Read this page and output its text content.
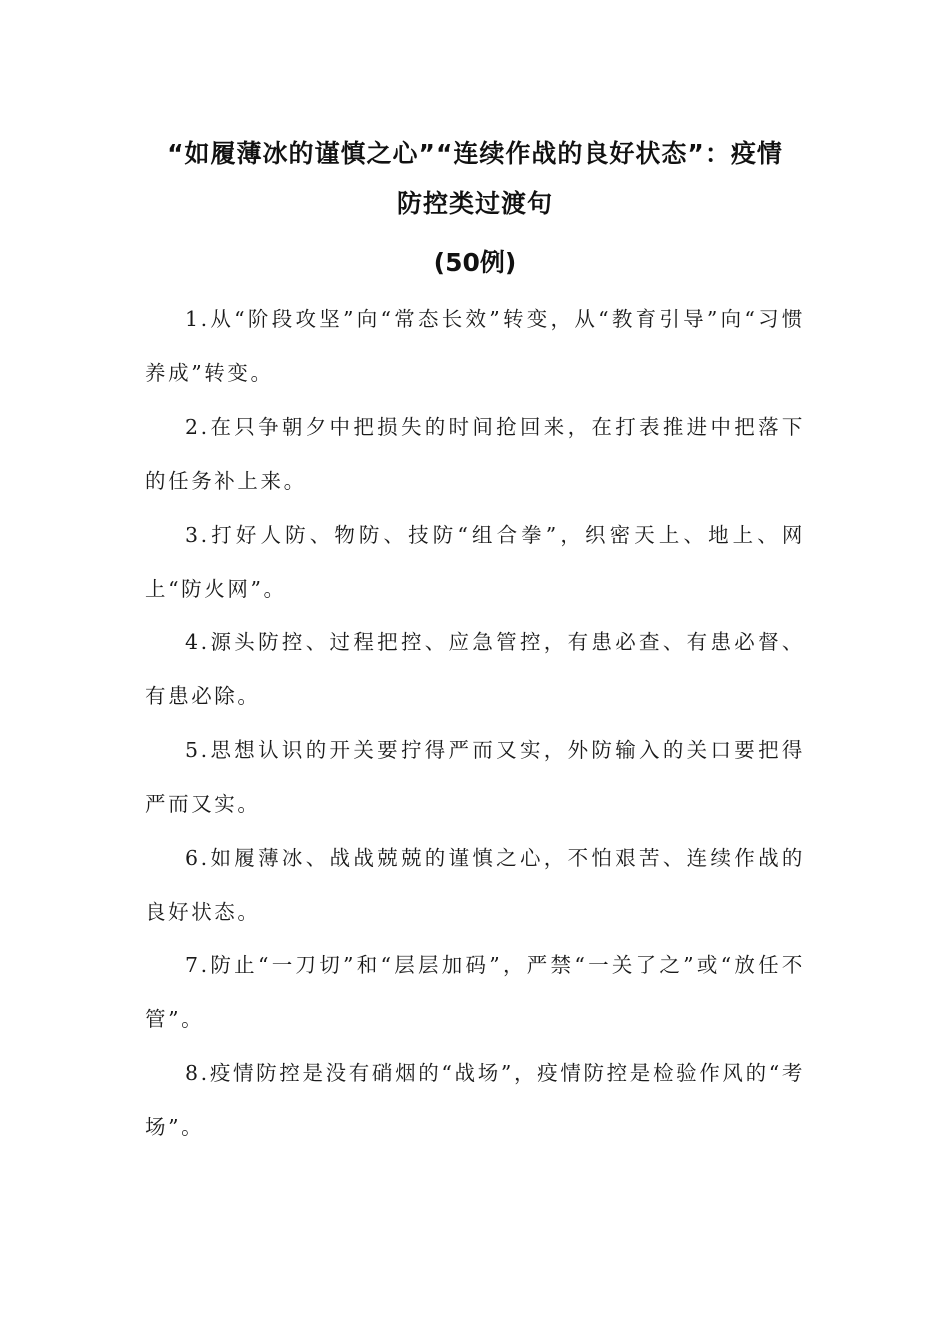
“如履薄冰的谨慎之心”“连续作战的良好状态”：疫情
防控类过渡句
(50例)
1.从“阶段攻坚”向“常态长效”转变，从“教育引导”向“习惯养成”转变。
2.在只争朝夕中把损失的时间抢回来，在打表推进中把落下的任务补上来。
3.打好人防、物防、技防“组合拳”，织密天上、地上、网上“防火网”。
4.源头防控、过程把控、应急管控，有患必查、有患必督、有患必除。
5.思想认识的开关要拧得严而又实，外防输入的关口要把得严而又实。
6.如履薄冰、战战兢兢的谨慎之心，不怕艰苦、连续作战的良好状态。
7.防止“一刀切”和“层层加码”，严禁“一关了之”或“放任不管”。
8.疫情防控是没有硝烟的“战场”，疫情防控是检验作风的“考场”。
